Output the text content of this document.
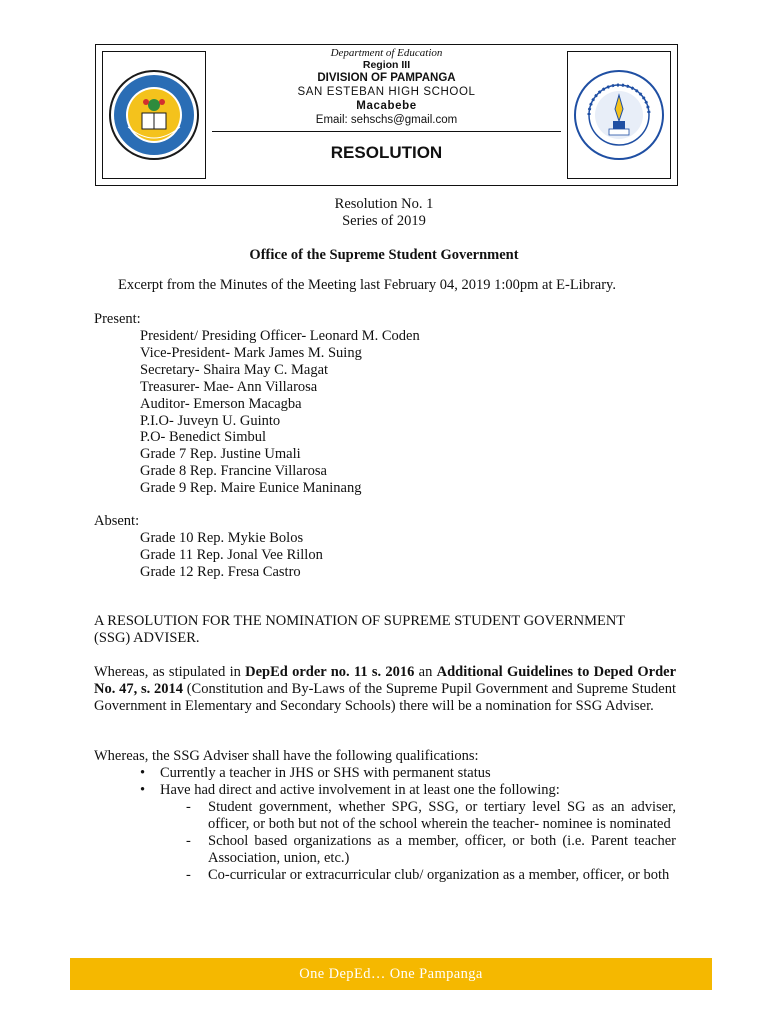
Department of Education
Region III
DIVISION OF PAMPANGA
SAN ESTEBAN HIGH SCHOOL
Macabebe
Email: sehschs@gmail.com
RESOLUTION
Resolution No. 1
Series of 2019
Office of the Supreme Student Government
Excerpt from the Minutes of the Meeting last February 04, 2019 1:00pm at E-Library.
Present:
President/ Presiding Officer- Leonard M. Coden
Vice-President- Mark James M. Suing
Secretary- Shaira May C. Magat
Treasurer- Mae- Ann Villarosa
Auditor- Emerson Macagba
P.I.O- Juveyn U. Guinto
P.O- Benedict Simbul
Grade 7 Rep. Justine Umali
Grade 8 Rep. Francine Villarosa
Grade 9 Rep. Maire Eunice Maninang
Absent:
Grade 10 Rep. Mykie Bolos
Grade 11 Rep. Jonal Vee Rillon
Grade 12 Rep. Fresa Castro
A RESOLUTION FOR THE NOMINATION OF SUPREME STUDENT GOVERNMENT
(SSG) ADVISER.
Whereas, as stipulated in DepEd order no. 11 s. 2016 an Additional Guidelines to Deped Order No. 47, s. 2014 (Constitution and By-Laws of the Supreme Pupil Government and Supreme Student Government in Elementary and Secondary Schools) there will be a nomination for SSG Adviser.
Whereas, the SSG Adviser shall have the following qualifications:
• Currently a teacher in JHS or SHS with permanent status
• Have had direct and active involvement in at least one the following:
- Student government, whether SPG, SSG, or tertiary level SG as an adviser, officer, or both but not of the school wherein the teacher- nominee is nominated
- School based organizations as a member, officer, or both (i.e. Parent teacher Association, union, etc.)
- Co-curricular or extracurricular club/ organization as a member, officer, or both
One DepEd… One Pampanga
